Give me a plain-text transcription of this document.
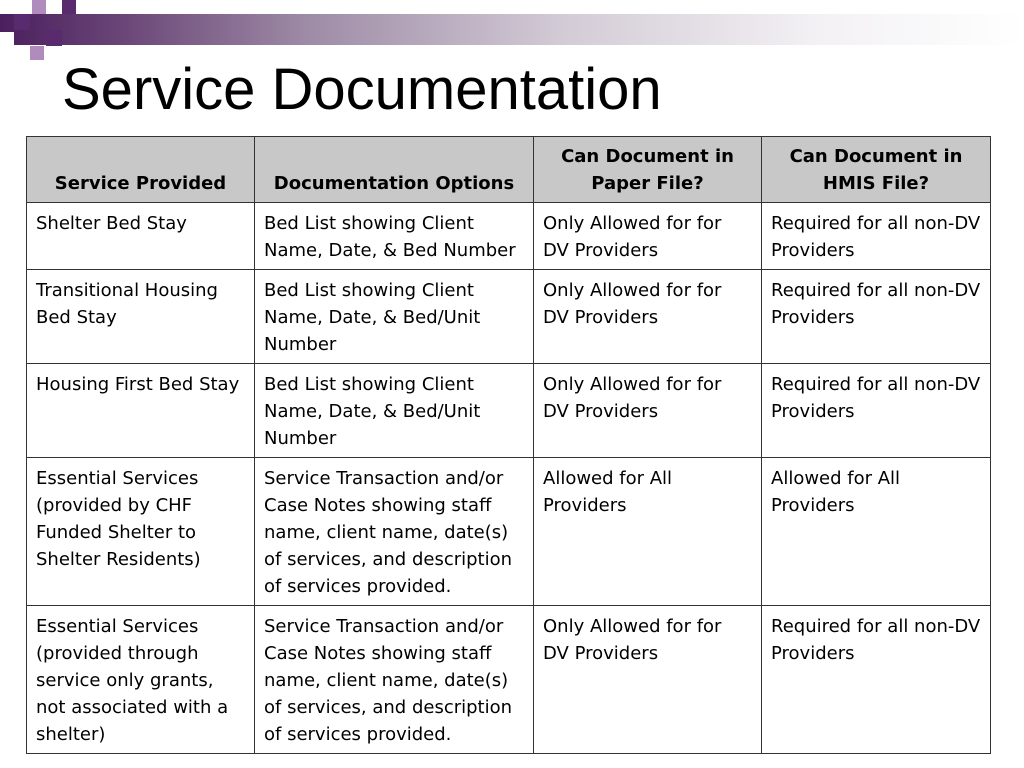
Service Documentation
Service Provided	Documentation Options	Can Document in Paper File?	Can Document in HMIS File?
Shelter Bed Stay	Bed List showing Client Name, Date, & Bed Number	Only Allowed for for DV Providers	Required for all non-DV Providers
Transitional Housing Bed Stay	Bed List showing Client Name, Date, & Bed/Unit Number	Only Allowed for for DV Providers	Required for all non-DV Providers
Housing First Bed Stay	Bed List showing Client Name, Date, & Bed/Unit Number	Only Allowed for for DV Providers	Required for all non-DV Providers
Essential Services (provided by CHF Funded Shelter to Shelter Residents)	Service Transaction and/or Case Notes showing staff name, client name, date(s) of services, and description of services provided.	Allowed for All Providers	Allowed for All Providers
Essential Services (provided through service only grants, not associated with a shelter)	Service Transaction and/or Case Notes showing staff name, client name, date(s) of services, and description of services provided.	Only Allowed for for DV Providers	Required for all non-DV Providers
